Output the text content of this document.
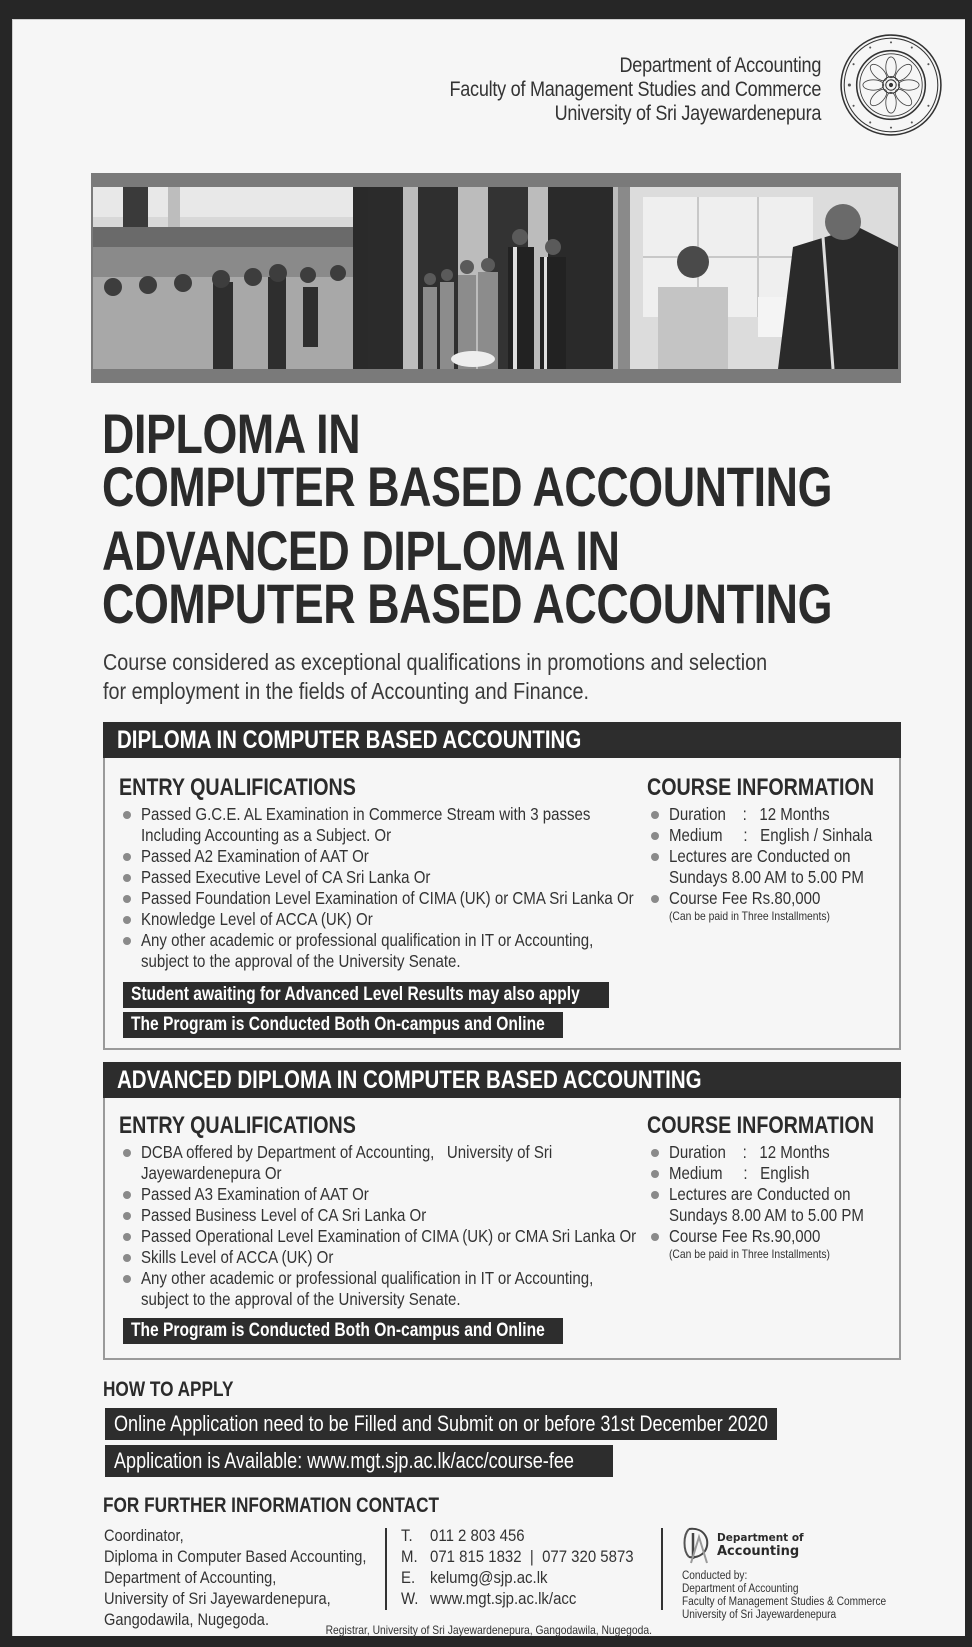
Department of Accounting
Faculty of Management Studies and Commerce
University of Sri Jayewardenepura
DIPLOMA IN
COMPUTER BASED ACCOUNTING
ADVANCED DIPLOMA IN
COMPUTER BASED ACCOUNTING
Course considered as exceptional qualifications in promotions and selection
for employment in the fields of Accounting and Finance.
DIPLOMA IN COMPUTER BASED ACCOUNTING
ENTRY QUALIFICATIONS
Passed G.C.E. AL Examination in Commerce Stream with 3 passes
Including Accounting as a Subject. Or
Passed A2 Examination of AAT Or
Passed Executive Level of CA Sri Lanka Or
Passed Foundation Level Examination of CIMA (UK) or CMA Sri Lanka Or
Knowledge Level of ACCA (UK) Or
Any other academic or professional qualification in IT or Accounting,
subject to the approval of the University Senate.
Student awaiting for Advanced Level Results may also apply
The Program is Conducted Both On-campus and Online
COURSE INFORMATION
Duration    :   12 Months
Medium     :   English / Sinhala
Lectures are Conducted on
Sundays 8.00 AM to 5.00 PM
Course Fee Rs.80,000
(Can be paid in Three Installments)
ADVANCED DIPLOMA IN COMPUTER BASED ACCOUNTING
ENTRY QUALIFICATIONS
DCBA offered by Department of Accounting,   University of Sri
Jayewardenepura Or
Passed A3 Examination of AAT Or
Passed Business Level of CA Sri Lanka Or
Passed Operational Level Examination of CIMA (UK) or CMA Sri Lanka Or
Skills Level of ACCA (UK) Or
Any other academic or professional qualification in IT or Accounting,
subject to the approval of the University Senate.
The Program is Conducted Both On-campus and Online
COURSE INFORMATION
Duration    :   12 Months
Medium     :   English
Lectures are Conducted on
Sundays 8.00 AM to 5.00 PM
Course Fee Rs.90,000
(Can be paid in Three Installments)
HOW TO APPLY
Online Application need to be Filled and Submit on or before 31st December 2020
Application is Available: www.mgt.sjp.ac.lk/acc/course-fee
FOR FURTHER INFORMATION CONTACT
Coordinator,
Diploma in Computer Based Accounting,
Department of Accounting,
University of Sri Jayewardenepura,
Gangodawila, Nugegoda.
T.	011 2 803 456
M. 071 815 1832  |  077 320 5873
E. kelumg@sjp.ac.lk
W. www.mgt.sjp.ac.lk/acc
Department of
Accounting
Conducted by:
Department of Accounting
Faculty of Management Studies & Commerce
University of Sri Jayewardenepura
Registrar, University of Sri Jayewardenepura, Gangodawila, Nugegoda.
